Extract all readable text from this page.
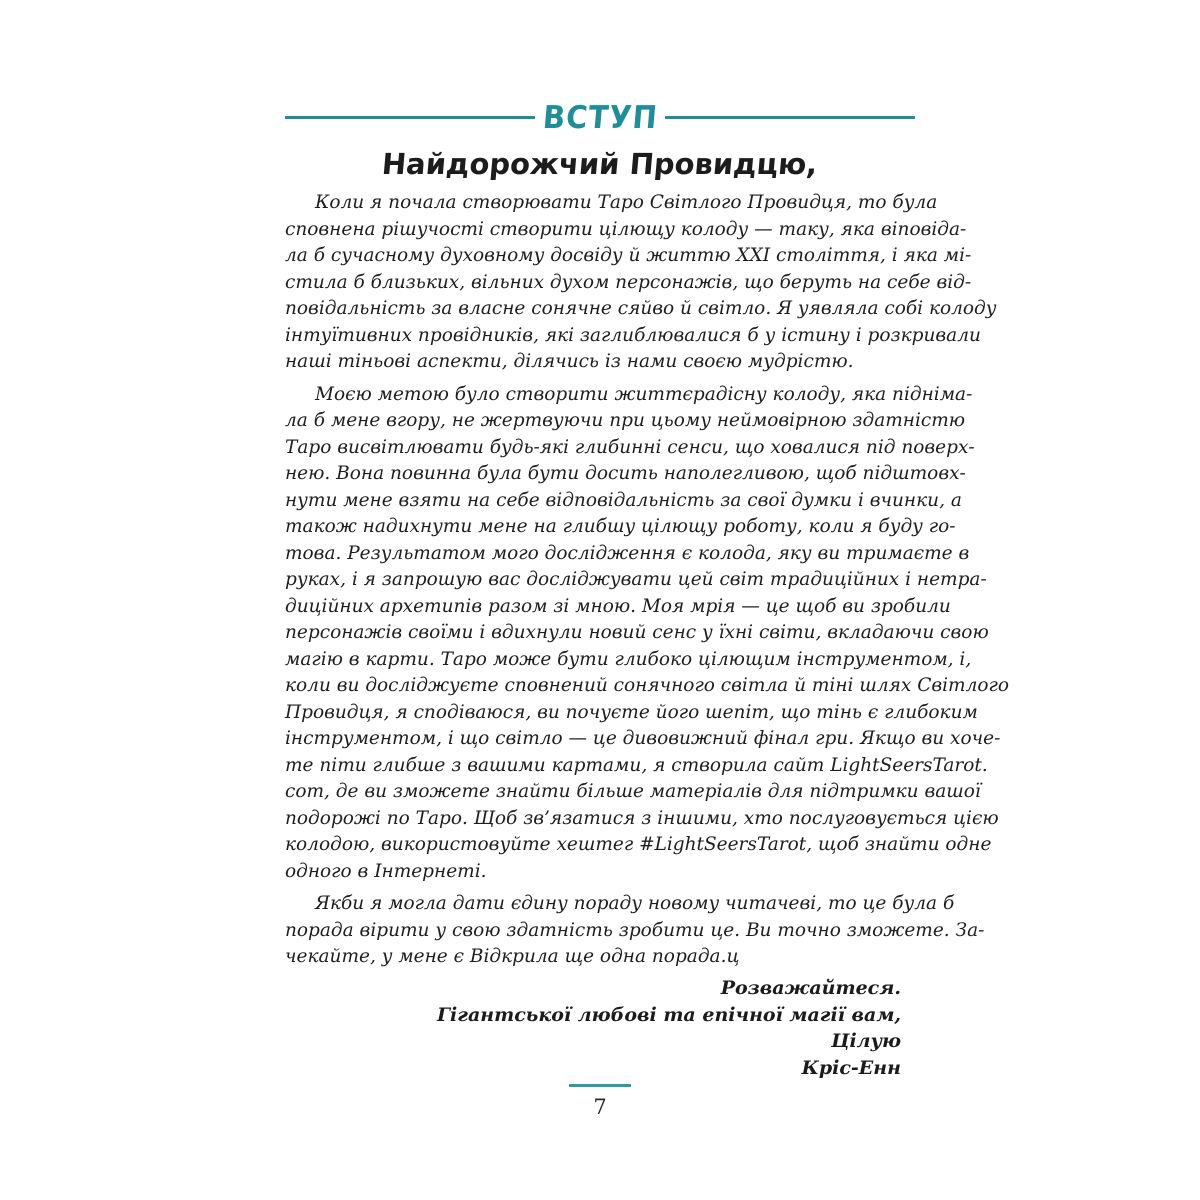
ВСТУП
Найдорожчий Провидцю,
Коли я почала створювати Таро Світлого Провидця, то була
сповнена рішучості створити цілющу колоду — таку, яка віповіда-
ла б сучасному духовному досвіду й життю XXI століття, і яка мі-
стила б близьких, вільних духом персонажів, що беруть на себе від-
повідальність за власне сонячне сяйво й світло. Я уявляла собі колоду
інтуїтивних провідників, які заглиблювалися б у істину і розкривали
наші тіньові аспекти, ділячись із нами своєю мудрістю.
Моєю метою було створити життєрадісну колоду, яка підніма-
ла б мене вгору, не жертвуючи при цьому неймовірною здатністю
Таро висвітлювати будь-які глибинні сенси, що ховалися під поверх-
нею. Вона повинна була бути досить наполегливою, щоб підштовх-
нути мене взяти на себе відповідальність за свої думки і вчинки, а
також надихнути мене на глибшу цілющу роботу, коли я буду го-
това. Результатом мого дослідження є колода, яку ви тримаєте в
руках, і я запрошую вас досліджувати цей світ традиційних і нетра-
диційних архетипів разом зі мною. Моя мрія — це щоб ви зробили
персонажів своїми і вдихнули новий сенс у їхні світи, вкладаючи свою
магію в карти. Таро може бути глибоко цілющим інструментом, і,
коли ви досліджуєте сповнений сонячного світла й тіні шлях Світлого
Провидця, я сподіваюся, ви почуєте його шепіт, що тінь є глибоким
інструментом, і що світло — це дивовижний фінал гри. Якщо ви хоче-
те піти глибше з вашими картами, я створила сайт LightSeersTarot.
сот, де ви зможете знайти більше матеріалів для підтримки вашої
подорожі по Таро. Щоб зв’язатися з іншими, хто послуговується цією
колодою, використовуйте хештег #LightSeersTarot, щоб знайти одне
одного в Інтернеті.
Якби я могла дати єдину пораду новому читачеві, то це була б
порада вірити у свою здатність зробити це. Ви точно зможете. За-
чекайте, у мене є Відкрила ще одна порада.ц
Розважайтеся.
Гігантської любові та епічної магії вам,
Цілую
Кріс-Енн
7
